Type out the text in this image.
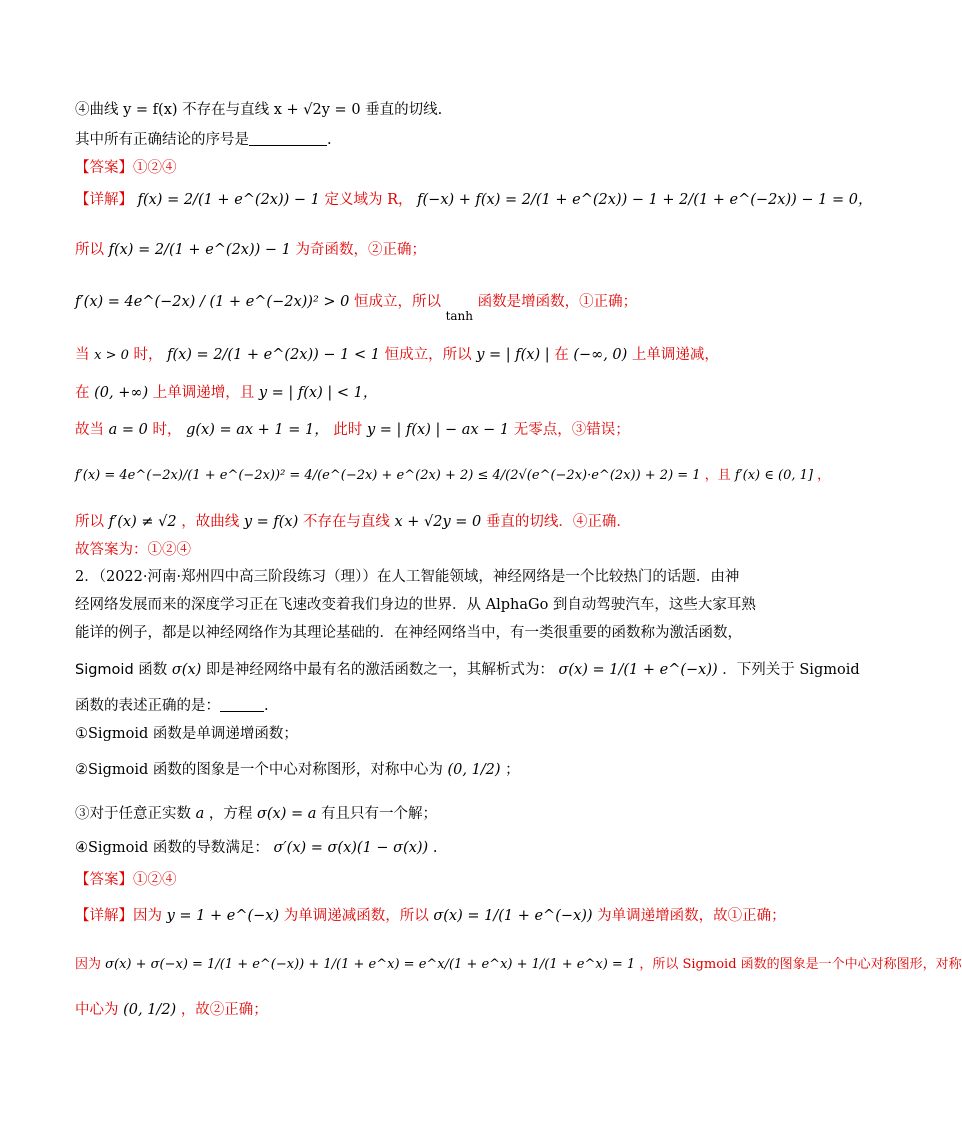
④曲线 y = f(x) 不存在与直线 x + √2y = 0 垂直的切线.
其中所有正确结论的序号是	.
【答案】①②④
【详解】 f(x) = 2/(1 + e^(2x)) − 1 定义域为 R， f(−x) + f(x) = 2/(1 + e^(2x)) − 1 + 2/(1 + e^(−2x)) − 1 = 0，
所以 f(x) = 2/(1 + e^(2x)) − 1 为奇函数，②正确；
f′(x) = 4e^(−2x) / (1 + e^(−2x))² > 0 恒成立，所以 tanh 函数是增函数，①正确；
当 x > 0 时， f(x) = 2/(1 + e^(2x)) − 1 < 1 恒成立，所以 y = | f(x) | 在 (−∞, 0) 上单调递减，
在 (0, +∞) 上单调递增，且 y = | f(x) | < 1，
故当 a = 0 时， g(x) = ax + 1 = 1， 此时 y = | f(x) | − ax − 1 无零点，③错误；
f′(x) = 4e^(−2x)/(1 + e^(−2x))² = 4/(e^(−2x) + e^(2x) + 2) ≤ 4/(2√(e^(−2x)·e^(2x)) + 2) = 1 ，且 f′(x) ∈ (0, 1] ，
所以 f′(x) ≠ √2 ，故曲线 y = f(x) 不存在与直线 x + √2y = 0 垂直的切线．④正确．
故答案为：①②④
2．（2022·河南·郑州四中高三阶段练习（理））在人工智能领域，神经网络是一个比较热门的话题．由神
经网络发展而来的深度学习正在飞速改变着我们身边的世界．从 AlphaGo 到自动驾驶汽车，这些大家耳熟
能详的例子，都是以神经网络作为其理论基础的．在神经网络当中，有一类很重要的函数称为激活函数，
Sigmoid 函数 σ(x) 即是神经网络中最有名的激活函数之一，其解析式为： σ(x) = 1/(1 + e^(−x)) ．下列关于 Sigmoid
函数的表述正确的是：	.
①Sigmoid 函数是单调递增函数；
②Sigmoid 函数的图象是一个中心对称图形，对称中心为 (0, 1/2) ；
③对于任意正实数 a ，方程 σ(x) = a 有且只有一个解；
④Sigmoid 函数的导数满足： σ′(x) = σ(x)(1 − σ(x)) .
【答案】①②④
【详解】因为 y = 1 + e^(−x) 为单调递减函数，所以 σ(x) = 1/(1 + e^(−x)) 为单调递增函数，故①正确；
因为 σ(x) + σ(−x) = 1/(1 + e^(−x)) + 1/(1 + e^x) = e^x/(1 + e^x) + 1/(1 + e^x) = 1 ，所以 Sigmoid 函数的图象是一个中心对称图形，对称
中心为 (0, 1/2) ，故②正确；
